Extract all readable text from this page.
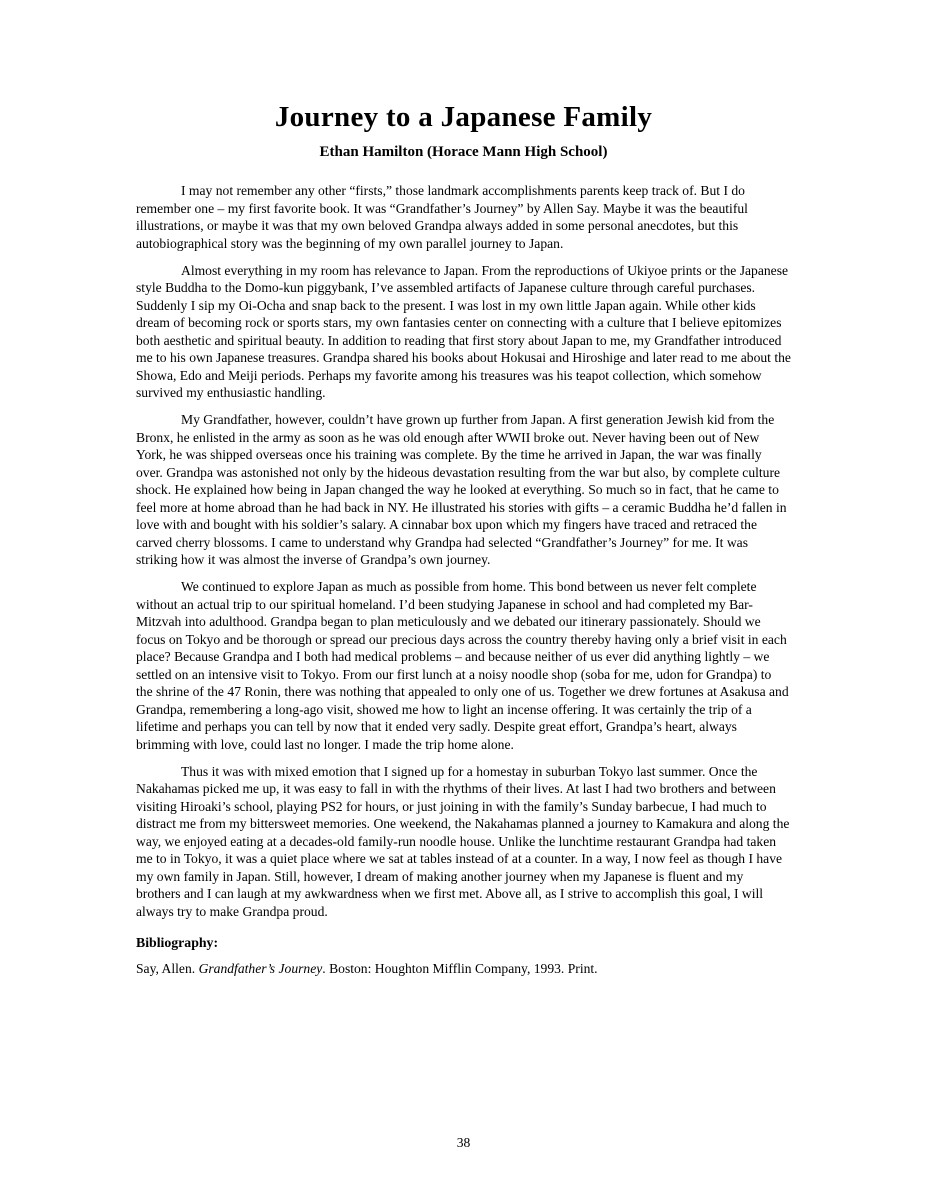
Journey to a Japanese Family

Ethan Hamilton (Horace Mann High School)

I may not remember any other “firsts,” those landmark accomplishments parents keep track of. But I do remember one – my first favorite book. It was “Grandfather’s Journey” by Allen Say. Maybe it was the beautiful illustrations, or maybe it was that my own beloved Grandpa always added in some personal anecdotes, but this autobiographical story was the beginning of my own parallel journey to Japan.

Almost everything in my room has relevance to Japan. From the reproductions of Ukiyoe prints or the Japanese style Buddha to the Domo-kun piggybank, I’ve assembled artifacts of Japanese culture through careful purchases. Suddenly I sip my Oi-Ocha and snap back to the present. I was lost in my own little Japan again. While other kids dream of becoming rock or sports stars, my own fantasies center on connecting with a culture that I believe epitomizes both aesthetic and spiritual beauty. In addition to reading that first story about Japan to me, my Grandfather introduced me to his own Japanese treasures. Grandpa shared his books about Hokusai and Hiroshige and later read to me about the Showa, Edo and Meiji periods. Perhaps my favorite among his treasures was his teapot collection, which somehow survived my enthusiastic handling.

My Grandfather, however, couldn’t have grown up further from Japan. A first generation Jewish kid from the Bronx, he enlisted in the army as soon as he was old enough after WWII broke out. Never having been out of New York, he was shipped overseas once his training was complete. By the time he arrived in Japan, the war was finally over. Grandpa was astonished not only by the hideous devastation resulting from the war but also, by complete culture shock. He explained how being in Japan changed the way he looked at everything. So much so in fact, that he came to feel more at home abroad than he had back in NY. He illustrated his stories with gifts – a ceramic Buddha he’d fallen in love with and bought with his soldier’s salary. A cinnabar box upon which my fingers have traced and retraced the carved cherry blossoms. I came to understand why Grandpa had selected “Grandfather’s Journey” for me. It was striking how it was almost the inverse of Grandpa’s own journey.

We continued to explore Japan as much as possible from home. This bond between us never felt complete without an actual trip to our spiritual homeland. I’d been studying Japanese in school and had completed my Bar-Mitzvah into adulthood. Grandpa began to plan meticulously and we debated our itinerary passionately. Should we focus on Tokyo and be thorough or spread our precious days across the country thereby having only a brief visit in each place? Because Grandpa and I both had medical problems – and because neither of us ever did anything lightly – we settled on an intensive visit to Tokyo. From our first lunch at a noisy noodle shop (soba for me, udon for Grandpa) to the shrine of the 47 Ronin, there was nothing that appealed to only one of us. Together we drew fortunes at Asakusa and Grandpa, remembering a long-ago visit, showed me how to light an incense offering. It was certainly the trip of a lifetime and perhaps you can tell by now that it ended very sadly. Despite great effort, Grandpa’s heart, always brimming with love, could last no longer. I made the trip home alone.

Thus it was with mixed emotion that I signed up for a homestay in suburban Tokyo last summer. Once the Nakahamas picked me up, it was easy to fall in with the rhythms of their lives. At last I had two brothers and between visiting Hiroaki’s school, playing PS2 for hours, or just joining in with the family’s Sunday barbecue, I had much to distract me from my bittersweet memories. One weekend, the Nakahamas planned a journey to Kamakura and along the way, we enjoyed eating at a decades-old family-run noodle house. Unlike the lunchtime restaurant Grandpa had taken me to in Tokyo, it was a quiet place where we sat at tables instead of at a counter. In a way, I now feel as though I have my own family in Japan. Still, however, I dream of making another journey when my Japanese is fluent and my brothers and I can laugh at my awkwardness when we first met. Above all, as I strive to accomplish this goal, I will always try to make Grandpa proud.

Bibliography:

Say, Allen. Grandfather’s Journey. Boston: Houghton Mifflin Company, 1993. Print.

38
